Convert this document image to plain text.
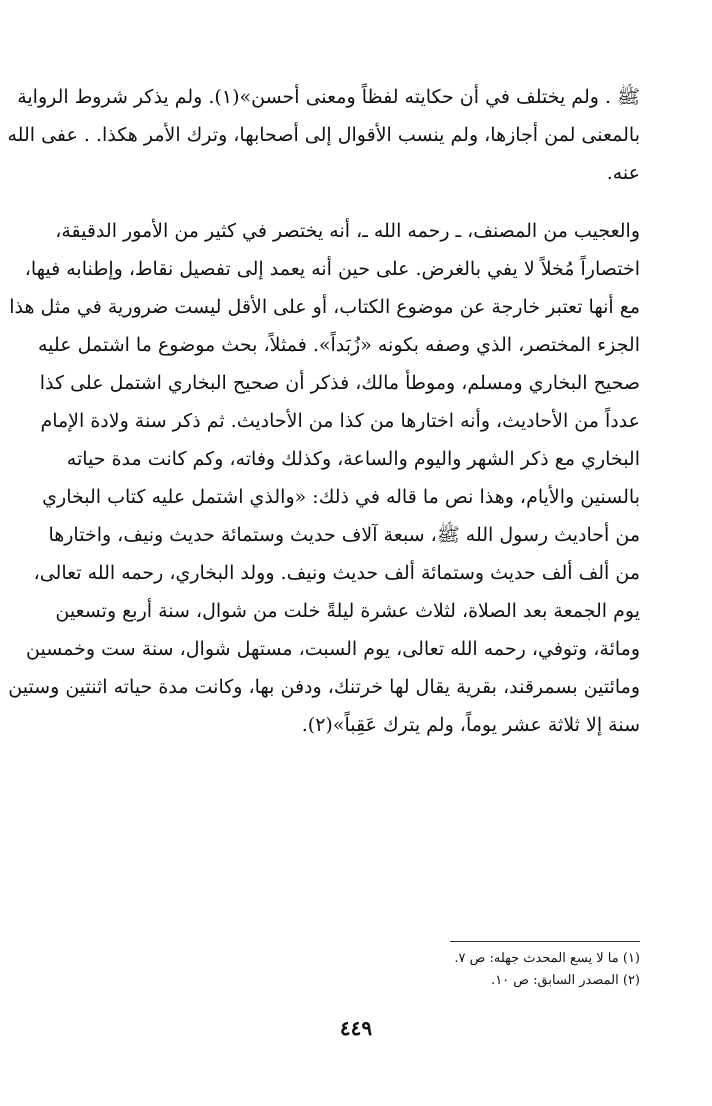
ﷺ . ولم يختلف في أن حكايته لفظاً ومعنى أحسن»(١). ولم يذكر شروط الرواية
بالمعنى لمن أجازها، ولم ينسب الأقوال إلى أصحابها، وترك الأمر هكذا. . عفى الله
عنه.
والعجيب من المصنف، ـ رحمه الله ـ، أنه يختصر في كثير من الأمور الدقيقة،
اختصاراً مُخلاً لا يفي بالغرض. على حين أنه يعمد إلى تفصيل نقاط، وإطنابه فيها،
مع أنها تعتبر خارجة عن موضوع الكتاب، أو على الأقل ليست ضرورية في مثل هذا
الجزء المختصر، الذي وصفه بكونه «زُبَداً». فمثلاً، بحث موضوع ما اشتمل عليه
صحيح البخاري ومسلم، وموطأ مالك، فذكر أن صحيح البخاري اشتمل على كذا
عدداً من الأحاديث، وأنه اختارها من كذا من الأحاديث. ثم ذكر سنة ولادة الإمام
البخاري مع ذكر الشهر واليوم والساعة، وكذلك وفاته، وكم كانت مدة حياته
بالسنين والأيام، وهذا نص ما قاله في ذلك: «والذي اشتمل عليه كتاب البخاري
من أحاديث رسول الله ﷺ، سبعة آلاف حديث وستمائة حديث ونيف، واختارها
من ألف ألف حديث وستمائة ألف حديث ونيف. وولد البخاري، رحمه الله تعالى،
يوم الجمعة بعد الصلاة، لثلاث عشرة ليلةً خلت من شوال، سنة أربع وتسعين
ومائة، وتوفي، رحمه الله تعالى، يوم السبت، مستهل شوال، سنة ست وخمسين
ومائتين بسمرقند، بقرية يقال لها خرتنك، ودفن بها، وكانت مدة حياته اثنتين وستين
سنة إلا ثلاثة عشر يوماً، ولم يترك عَقِباً»(٢).
(١) ما لا يسع المحدث جهله: ص ٧.
(٢) المصدر السابق: ص ١٠.
٤٤٩
